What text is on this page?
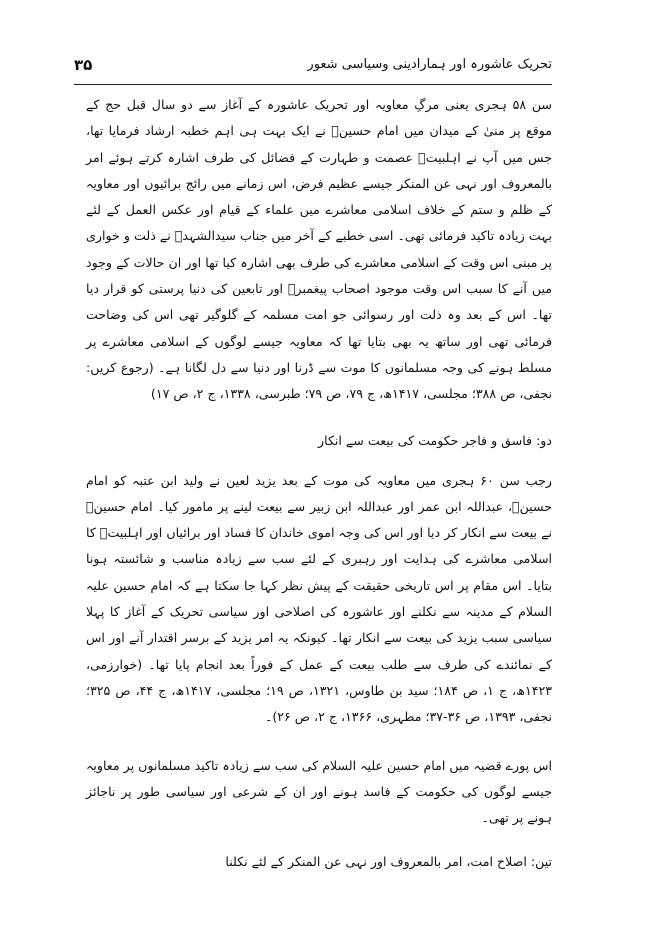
۳۵	تحریک عاشورہ اور ہمارادینی وسیاسی شعور

سن ۵۸ ہجری یعنی مرگِ معاویہ اور تحریک عاشورہ کے آغاز سے دو سال قبل حج کے موقع پر منیٰ کے میدان میں امام حسینؑ نے ایک بہت ہی اہم خطبہ ارشاد فرمایا تھا، جس میں آپ نے اہلبیتؑ عصمت و طہارت کے فضائل کی طرف اشارہ کرتے ہوئے امر بالمعروف اور نہی عن المنکر جیسے عظیم فرض، اس زمانے میں رائج برائیوں اور معاویہ کے ظلم و ستم کے خلاف اسلامی معاشرے میں علماء کے قیام اور عکس العمل کے لئے بہت زیادہ تاکید فرمائی تھی۔ اسی خطبے کے آخر میں جناب سیدالشہدؑ نے ذلت و خواری پر مبنی اس وقت کے اسلامی معاشرے کی طرف بھی اشارہ کیا تھا اور ان حالات کے وجود میں آنے کا سبب اس وقت موجود اصحاب پیغمبرؐ اور تابعین کی دنیا پرستی کو قرار دیا تھا۔ اس کے بعد وہ ذلت اور رسوائی جو امت مسلمہ کے گلوگیر تھی اس کی وضاحت فرمائی تھی اور ساتھ یہ بھی بتایا تھا کہ معاویہ جیسے لوگوں کے اسلامی معاشرے پر مسلط ہونے کی وجہ مسلمانوں کا موت سے ڈرنا اور دنیا سے دل لگانا ہے۔ (رجوع کریں: نجفی، ص ۳۸۸؛ مجلسی، ۱۴۱۷ھ، ج ۷۹، ص ۷۹؛ طبرسی، ۱۳۳۸، ج ۲، ص ۱۷)

دو: فاسق و فاجر حکومت کی بیعت سے انکار

رجب سن ۶۰ ہجری میں معاویہ کی موت کے بعد یزید لعین نے ولید ابن عتبہ کو امام حسینؑ، عبداللہ ابن عمر اور عبداللہ ابن زبیر سے بیعت لینے پر مامور کیا۔ امام حسینؑ نے بیعت سے انکار کر دیا اور اس کی وجہ اموی خاندان کا فساد اور برائیاں اور اہلبیتؑ کا اسلامی معاشرے کی ہدایت اور رہبری کے لئے سب سے زیادہ مناسب و شائستہ ہونا بتایا۔ اس مقام پر اس تاریخی حقیقت کے پیش نظر کہا جا سکتا ہے کہ امام حسین علیہ السلام کے مدینہ سے نکلنے اور عاشورہ کی اصلاحی اور سیاسی تحریک کے آغاز کا پہلا سیاسی سبب یزید کی بیعت سے انکار تھا۔ کیونکہ یہ امر یزید کے برسر اقتدار آنے اور اس کے نمائندے کی طرف سے طلب بیعت کے عمل کے فوراً بعد انجام پایا تھا۔ (خوارزمی، ۱۴۲۳ھ، ج ۱، ص ۱۸۴؛ سید بن طاوس، ۱۳۲۱، ص ۱۹؛ مجلسی، ۱۴۱۷ھ، ج ۴۴، ص ۳۲۵؛ نجفی، ۱۳۹۳، ص ۳۶-۳۷؛ مطہری، ۱۳۶۶، ج ۲، ص ۲۶)۔

اس پورے قضیہ میں امام حسین علیہ السلام کی سب سے زیادہ تاکید مسلمانوں پر معاویہ جیسے لوگوں کی حکومت کے فاسد ہونے اور ان کے شرعی اور سیاسی طور پر ناجائز ہونے پر تھی۔

تین: اصلاح امت، امر بالمعروف اور نہی عن المنکر کے لئے نکلنا
